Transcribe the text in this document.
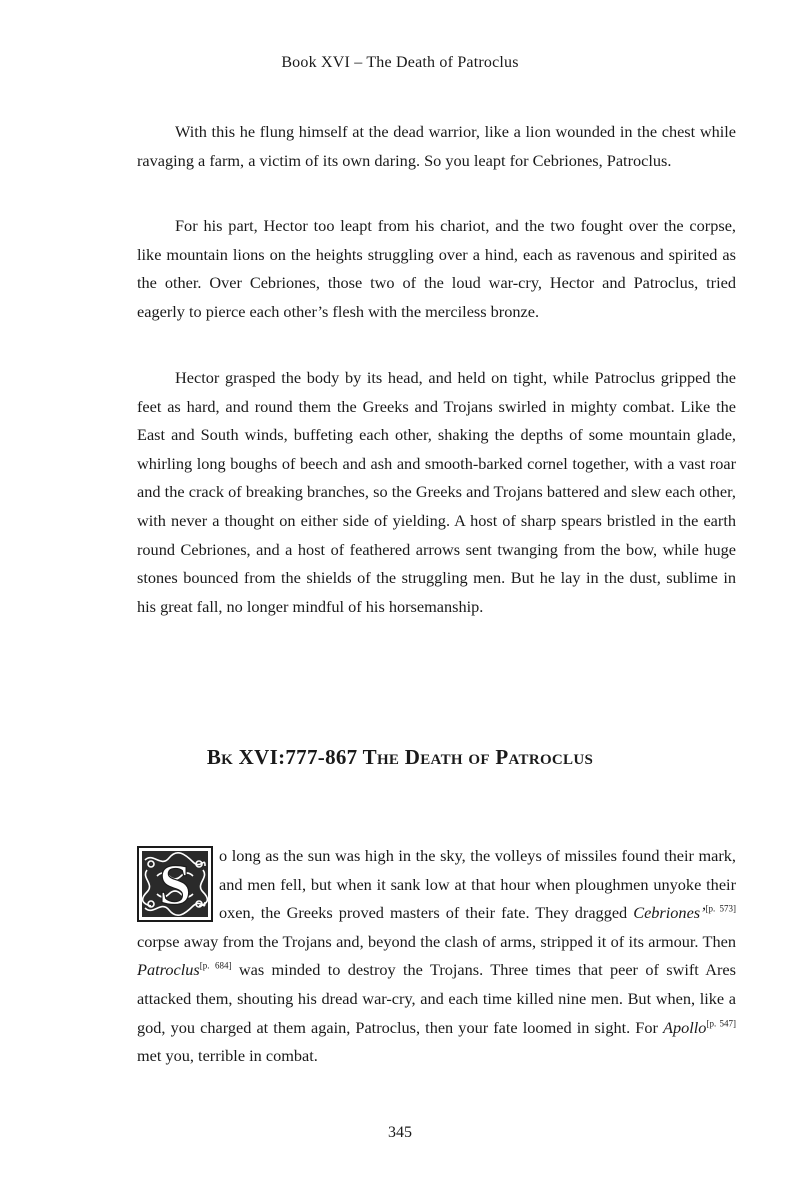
Book XVI – The Death of Patroclus

With this he flung himself at the dead warrior, like a lion wounded in the chest while ravaging a farm, a victim of its own daring. So you leapt for Cebriones, Patroclus.

For his part, Hector too leapt from his chariot, and the two fought over the corpse, like mountain lions on the heights struggling over a hind, each as ravenous and spirited as the other. Over Cebriones, those two of the loud war-cry, Hector and Patroclus, tried eagerly to pierce each other’s flesh with the merciless bronze.

Hector grasped the body by its head, and held on tight, while Patroclus gripped the feet as hard, and round them the Greeks and Trojans swirled in mighty combat. Like the East and South winds, buffeting each other, shaking the depths of some mountain glade, whirling long boughs of beech and ash and smooth-barked cornel together, with a vast roar and the crack of breaking branches, so the Greeks and Trojans battered and slew each other, with never a thought on either side of yielding. A host of sharp spears bristled in the earth round Cebriones, and a host of feathered arrows sent twanging from the bow, while huge stones bounced from the shields of the struggling men. But he lay in the dust, sublime in his great fall, no longer mindful of his horsemanship.

Bk XVI:777-867 The Death of Patroclus

S o long as the sun was high in the sky, the volleys of missiles found their mark, and men fell, but when it sank low at that hour when ploughmen unyoke their oxen, the Greeks proved masters of their fate. They dragged Cebriones’[p. 573] corpse away from the Trojans and, beyond the clash of arms, stripped it of its armour. Then Patroclus[p. 684] was minded to destroy the Trojans. Three times that peer of swift Ares attacked them, shouting his dread war-cry, and each time killed nine men. But when, like a god, you charged at them again, Patroclus, then your fate loomed in sight. For Apollo[p. 547] met you, terrible in combat.

345
